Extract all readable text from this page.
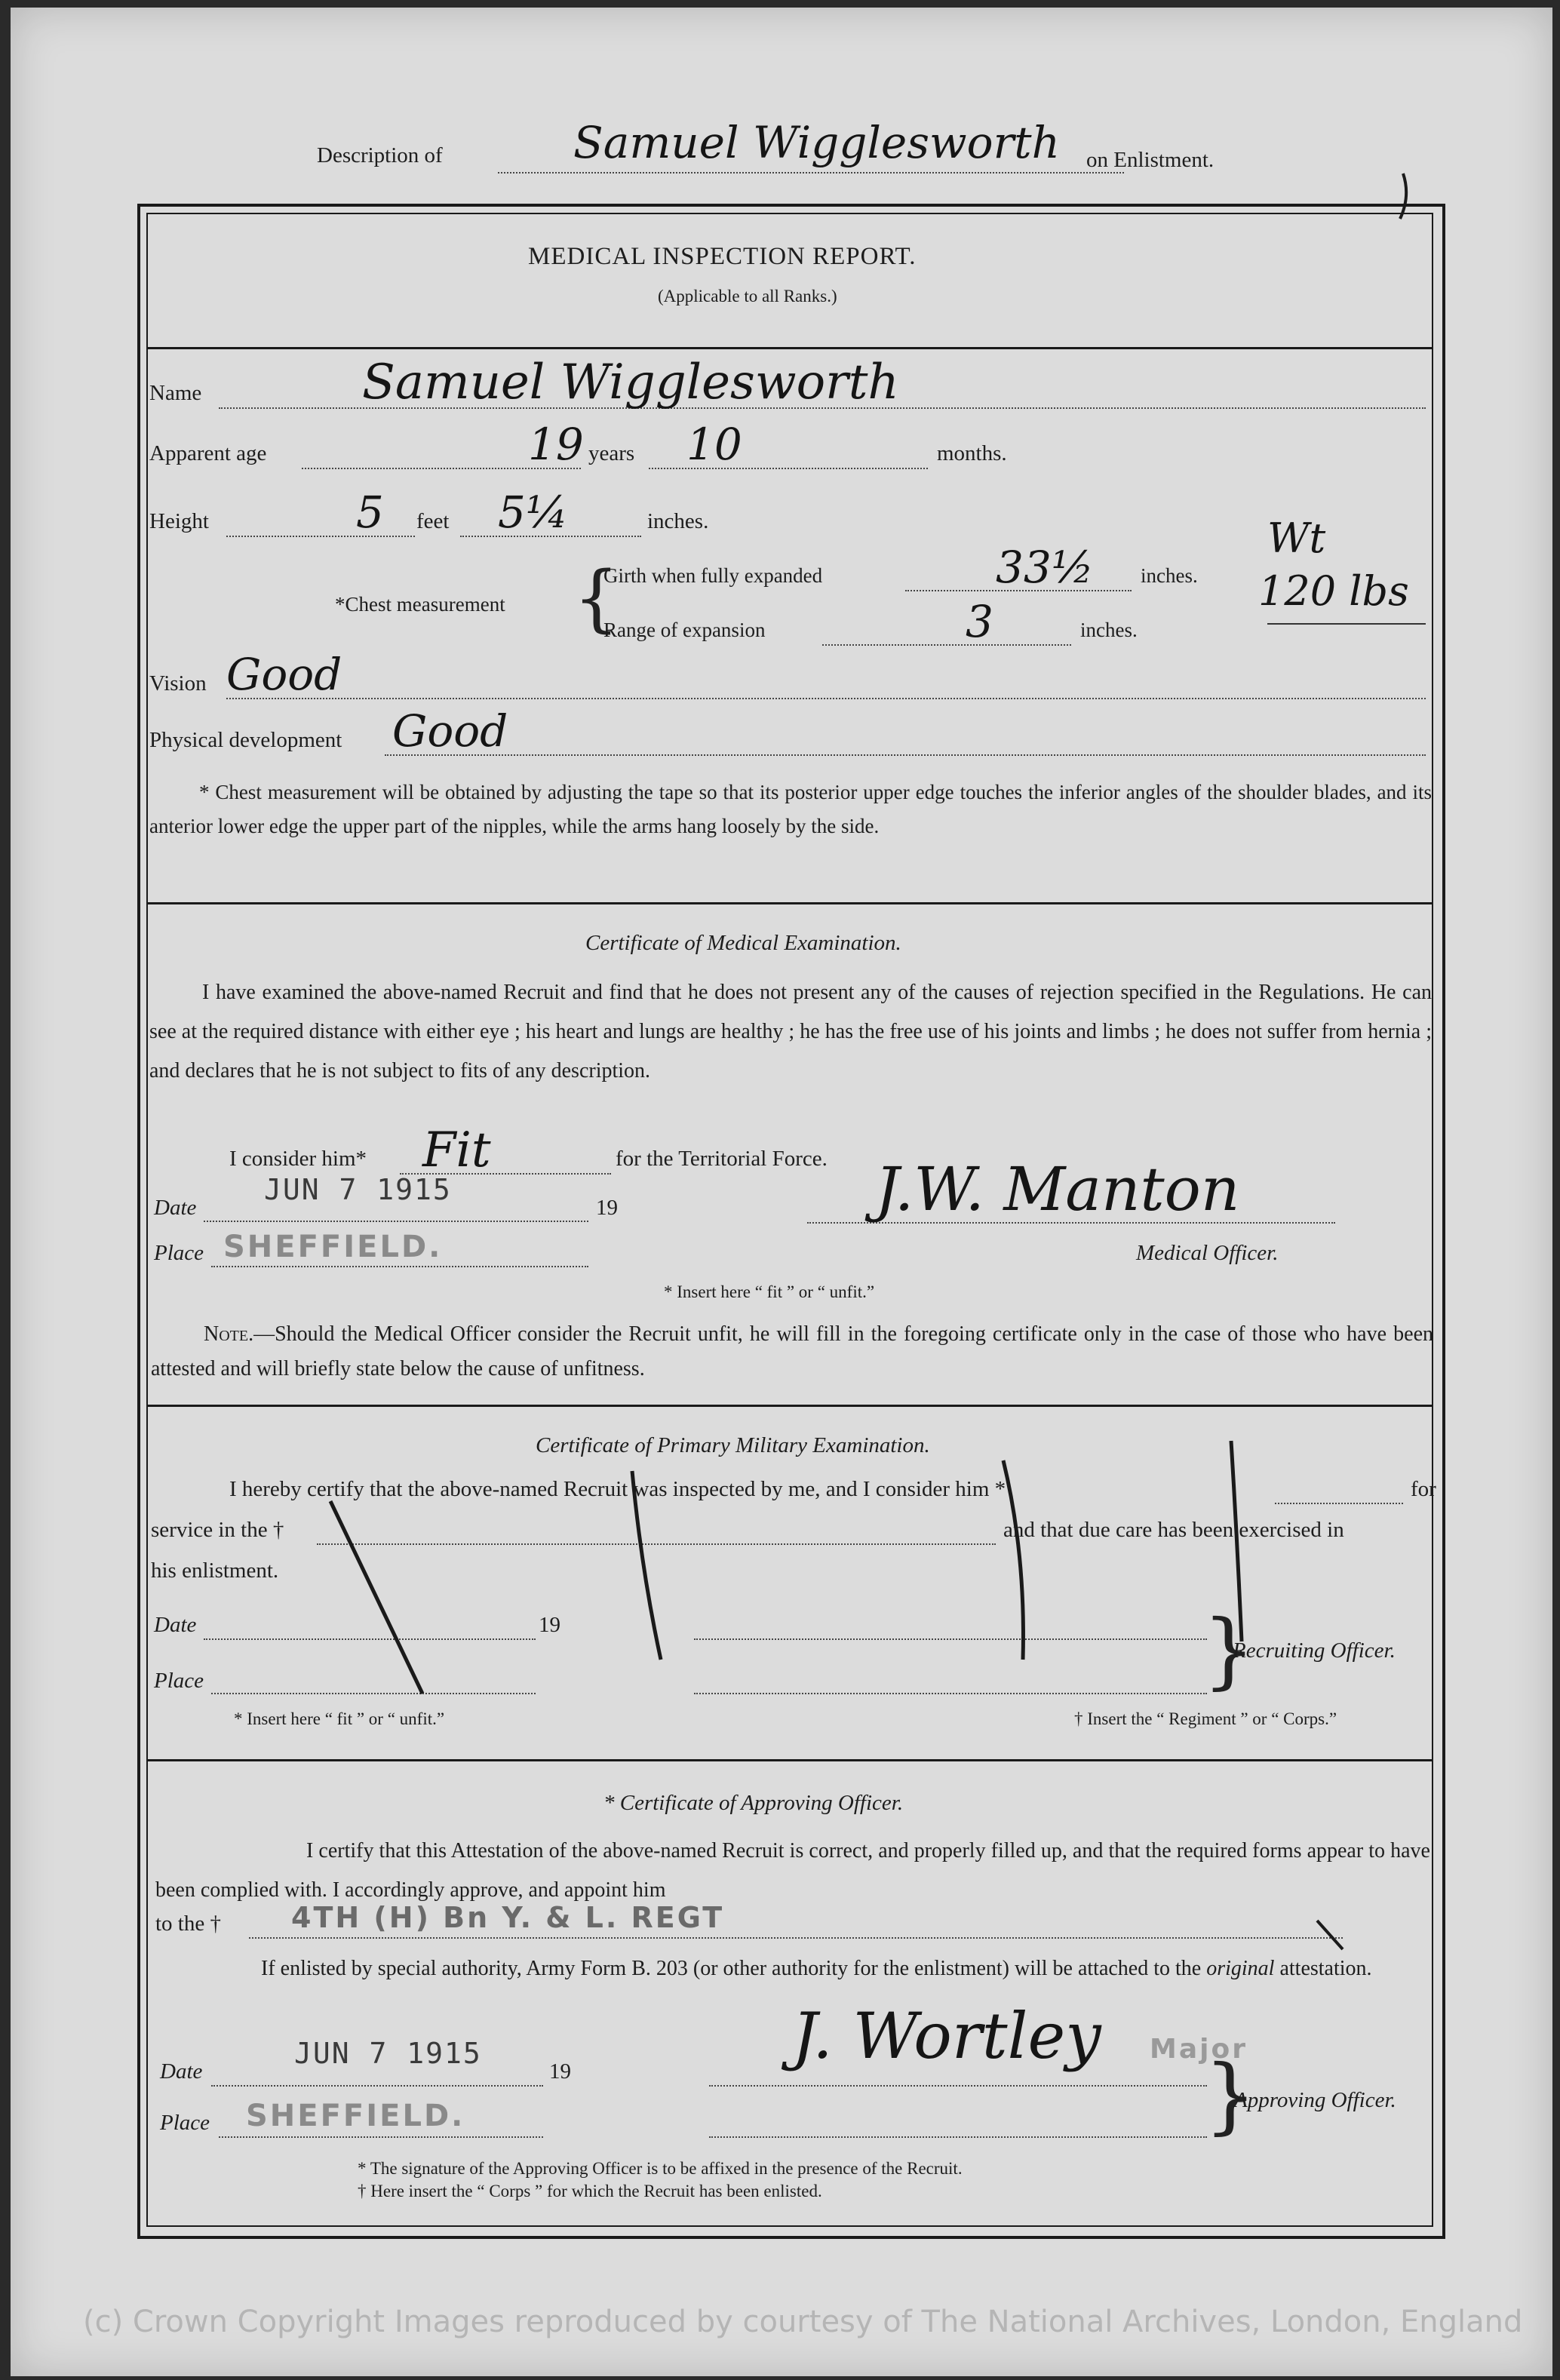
Description of	Samuel Wigglesworth on Enlistment.
MEDICAL INSPECTION REPORT.
(Applicable to all Ranks.)
Name	Samuel Wigglesworth
Apparent age	19 years 10	months.
Height	5 feet 5¼	inches.
*Chest measurement {
Girth when fully expanded	33½ inches.
Range of expansion	3	inches.
Wt
120 lbs
Vision Good
Physical development Good
* Chest measurement will be obtained by adjusting the tape so that its posterior upper edge touches the inferior angles of the shoulder blades, and its anterior lower edge the upper part of the nipples, while the arms hang loosely by the side.
Certificate of Medical Examination.
I have examined the above-named Recruit and find that he does not present any of the causes of rejection specified in the Regulations. He can see at the required distance with either eye ; his heart and lungs are healthy ; he has the free use of his joints and limbs ; he does not suffer from hernia ; and declares that he is not subject to fits of any description.
I consider him* Fit	for the Territorial Force.
Date
JUN 7 1915
19
Place SHEFFIELD.
J.W. Manton
Medical Officer.
* Insert here “ fit ” or “ unfit.”
Note.—Should the Medical Officer consider the Recruit unfit, he will fill in the foregoing certificate only in the case of those who have been attested and will briefly state below the cause of unfitness.
Certificate of Primary Military Examination.
I hereby certify that the above-named Recruit was inspected by me, and I consider him *	for
service in the †	and that due care has been exercised in
his enlistment.
Date	19
Place	}
Recruiting Officer.
* Insert here “ fit ” or “ unfit.”	† Insert the “ Regiment ” or “ Corps.”
* Certificate of Approving Officer.
I certify that this Attestation of the above-named Recruit is correct, and properly filled up, and that the required forms appear to have been complied with. I accordingly approve, and appoint him
to the † 4TH (H) Bn Y. & L. REGT
If enlisted by special authority, Army Form B. 203 (or other authority for the enlistment) will be attached to the original attestation.
Date
JUN 7 1915
19
Place SHEFFIELD.
J. Wortley Major
}
Approving Officer.
* The signature of the Approving Officer is to be affixed in the presence of the Recruit.
† Here insert the “ Corps ” for which the Recruit has been enlisted.
(c) Crown Copyright Images reproduced by courtesy of The National Archives, London, England
